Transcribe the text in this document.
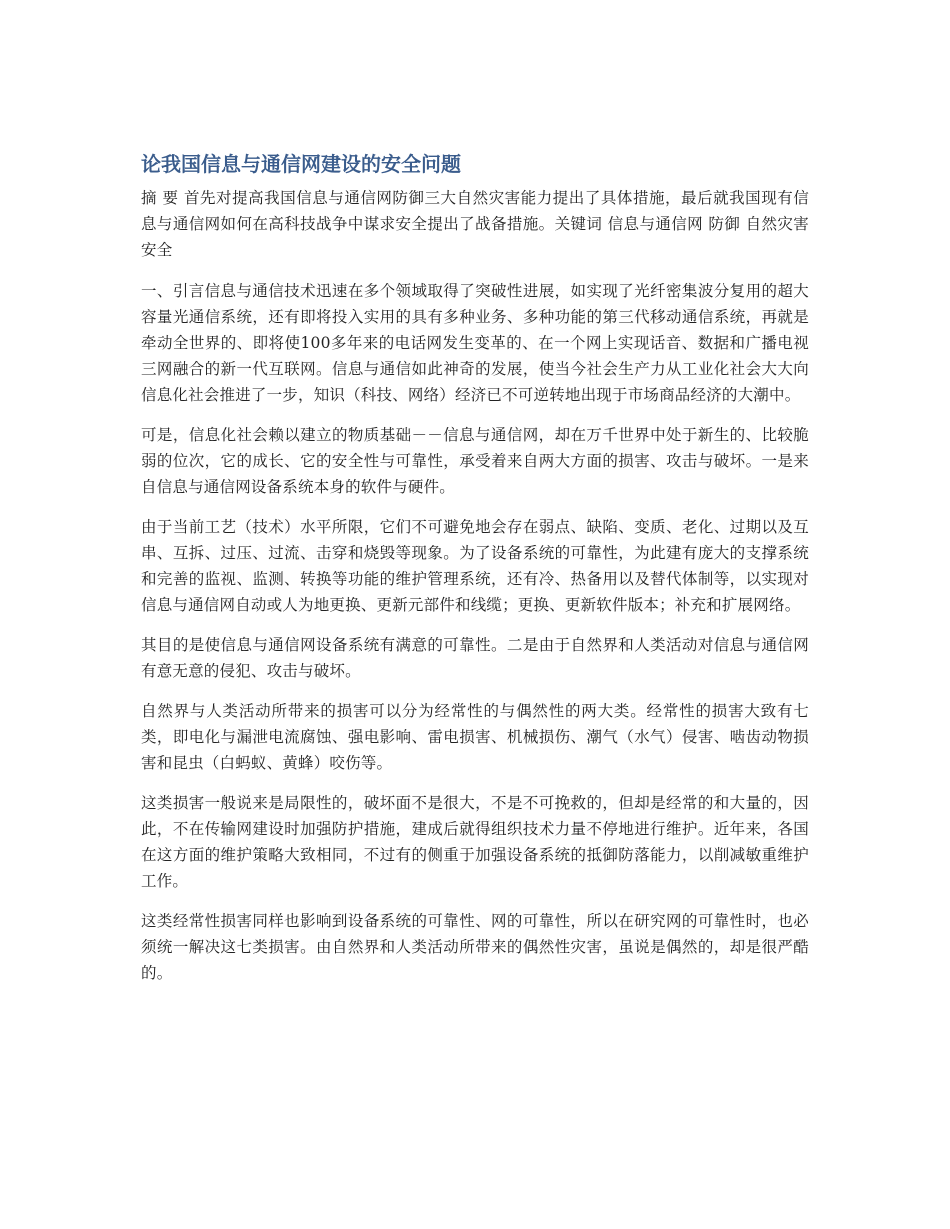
论我国信息与通信网建设的安全问题

摘 要 首先对提高我国信息与通信网防御三大自然灾害能力提出了具体措施，最后就我国现有信息与通信网如何在高科技战争中谋求安全提出了战备措施。关键词 信息与通信网 防御 自然灾害 安全

一、引言信息与通信技术迅速在多个领域取得了突破性进展，如实现了光纤密集波分复用的超大容量光通信系统，还有即将投入实用的具有多种业务、多种功能的第三代移动通信系统，再就是牵动全世界的、即将使100多年来的电话网发生变革的、在一个网上实现话音、数据和广播电视三网融合的新一代互联网。信息与通信如此神奇的发展，使当今社会生产力从工业化社会大大向信息化社会推进了一步，知识（科技、网络）经济已不可逆转地出现于市场商品经济的大潮中。

可是，信息化社会赖以建立的物质基础－－信息与通信网，却在万千世界中处于新生的、比较脆弱的位次，它的成长、它的安全性与可靠性，承受着来自两大方面的损害、攻击与破坏。一是来自信息与通信网设备系统本身的软件与硬件。

由于当前工艺（技术）水平所限，它们不可避免地会存在弱点、缺陷、变质、老化、过期以及互串、互拆、过压、过流、击穿和烧毁等现象。为了设备系统的可靠性，为此建有庞大的支撑系统和完善的监视、监测、转换等功能的维护管理系统，还有冷、热备用以及替代体制等，以实现对信息与通信网自动或人为地更换、更新元部件和线缆；更换、更新软件版本；补充和扩展网络。

其目的是使信息与通信网设备系统有满意的可靠性。二是由于自然界和人类活动对信息与通信网有意无意的侵犯、攻击与破坏。

自然界与人类活动所带来的损害可以分为经常性的与偶然性的两大类。经常性的损害大致有七类，即电化与漏泄电流腐蚀、强电影响、雷电损害、机械损伤、潮气（水气）侵害、啮齿动物损害和昆虫（白蚂蚁、黄蜂）咬伤等。

这类损害一般说来是局限性的，破坏面不是很大，不是不可挽救的，但却是经常的和大量的，因此，不在传输网建设时加强防护措施，建成后就得组织技术力量不停地进行维护。近年来，各国在这方面的维护策略大致相同，不过有的侧重于加强设备系统的抵御防落能力，以削减敏重维护工作。

这类经常性损害同样也影响到设备系统的可靠性、网的可靠性，所以在研究网的可靠性时，也必须统一解决这七类损害。由自然界和人类活动所带来的偶然性灾害，虽说是偶然的，却是很严酷的。
